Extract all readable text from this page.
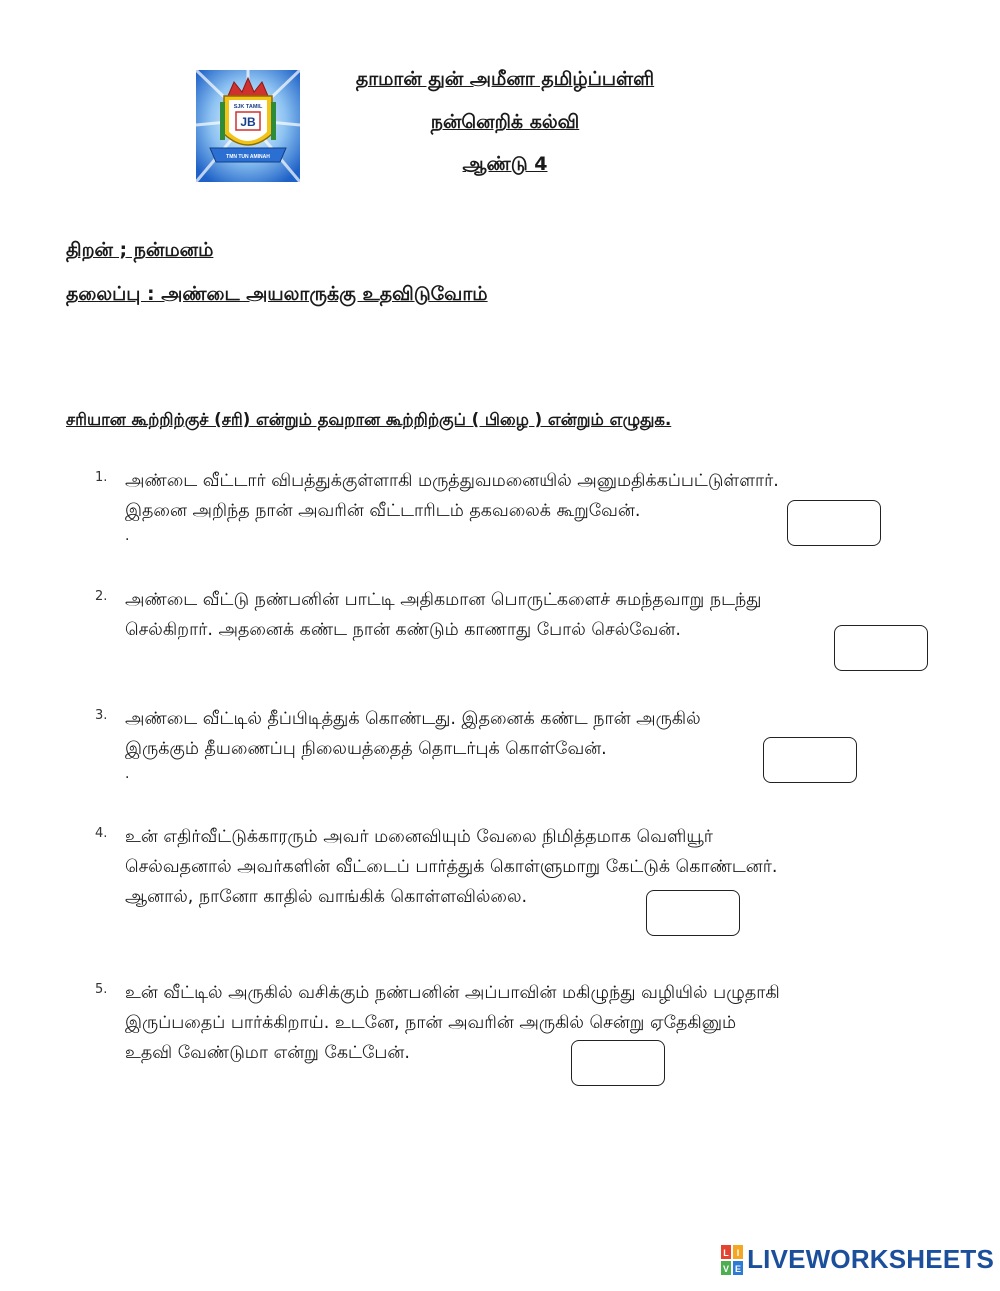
JB
SJK TAMIL
TMN TUN AMINAH
தாமான் துன் அமீனா தமிழ்ப்பள்ளி
நன்னெறிக் கல்வி
ஆண்டு 4
திறன் ; நன்மனம்
தலைப்பு : அண்டை அயலாருக்கு உதவிடுவோம்
சரியான கூற்றிற்குச் (சரி) என்றும் தவறான கூற்றிற்குப் ( பிழை ) என்றும் எழுதுக.
1. அண்டை வீட்டார் விபத்துக்குள்ளாகி மருத்துவமனையில் அனுமதிக்கப்பட்டுள்ளார்.
இதனை அறிந்த நான் அவரின் வீட்டாரிடம் தகவலைக் கூறுவேன்.
.
2. அண்டை வீட்டு நண்பனின் பாட்டி அதிகமான பொருட்களைச் சுமந்தவாறு நடந்து
செல்கிறார். அதனைக் கண்ட நான் கண்டும் காணாது போல் செல்வேன்.
3. அண்டை வீட்டில் தீப்பிடித்துக் கொண்டது. இதனைக் கண்ட நான் அருகில்
இருக்கும் தீயணைப்பு நிலையத்தைத் தொடர்புக் கொள்வேன்.
.
4. உன் எதிர்வீட்டுக்காரரும் அவர் மனைவியும் வேலை நிமித்தமாக வெளியூர்
செல்வதனால் அவர்களின் வீட்டைப் பார்த்துக் கொள்ளுமாறு கேட்டுக் கொண்டனர்.
ஆனால், நானோ காதில் வாங்கிக் கொள்ளவில்லை.
5. உன் வீட்டில் அருகில் வசிக்கும் நண்பனின் அப்பாவின் மகிழுந்து வழியில் பழுதாகி
இருப்பதைப் பார்க்கிறாய். உடனே, நான் அவரின் அருகில் சென்று ஏதேகினும்
உதவி வேண்டுமா என்று கேட்பேன்.
L I
V E LIVEWORKSHEETS
